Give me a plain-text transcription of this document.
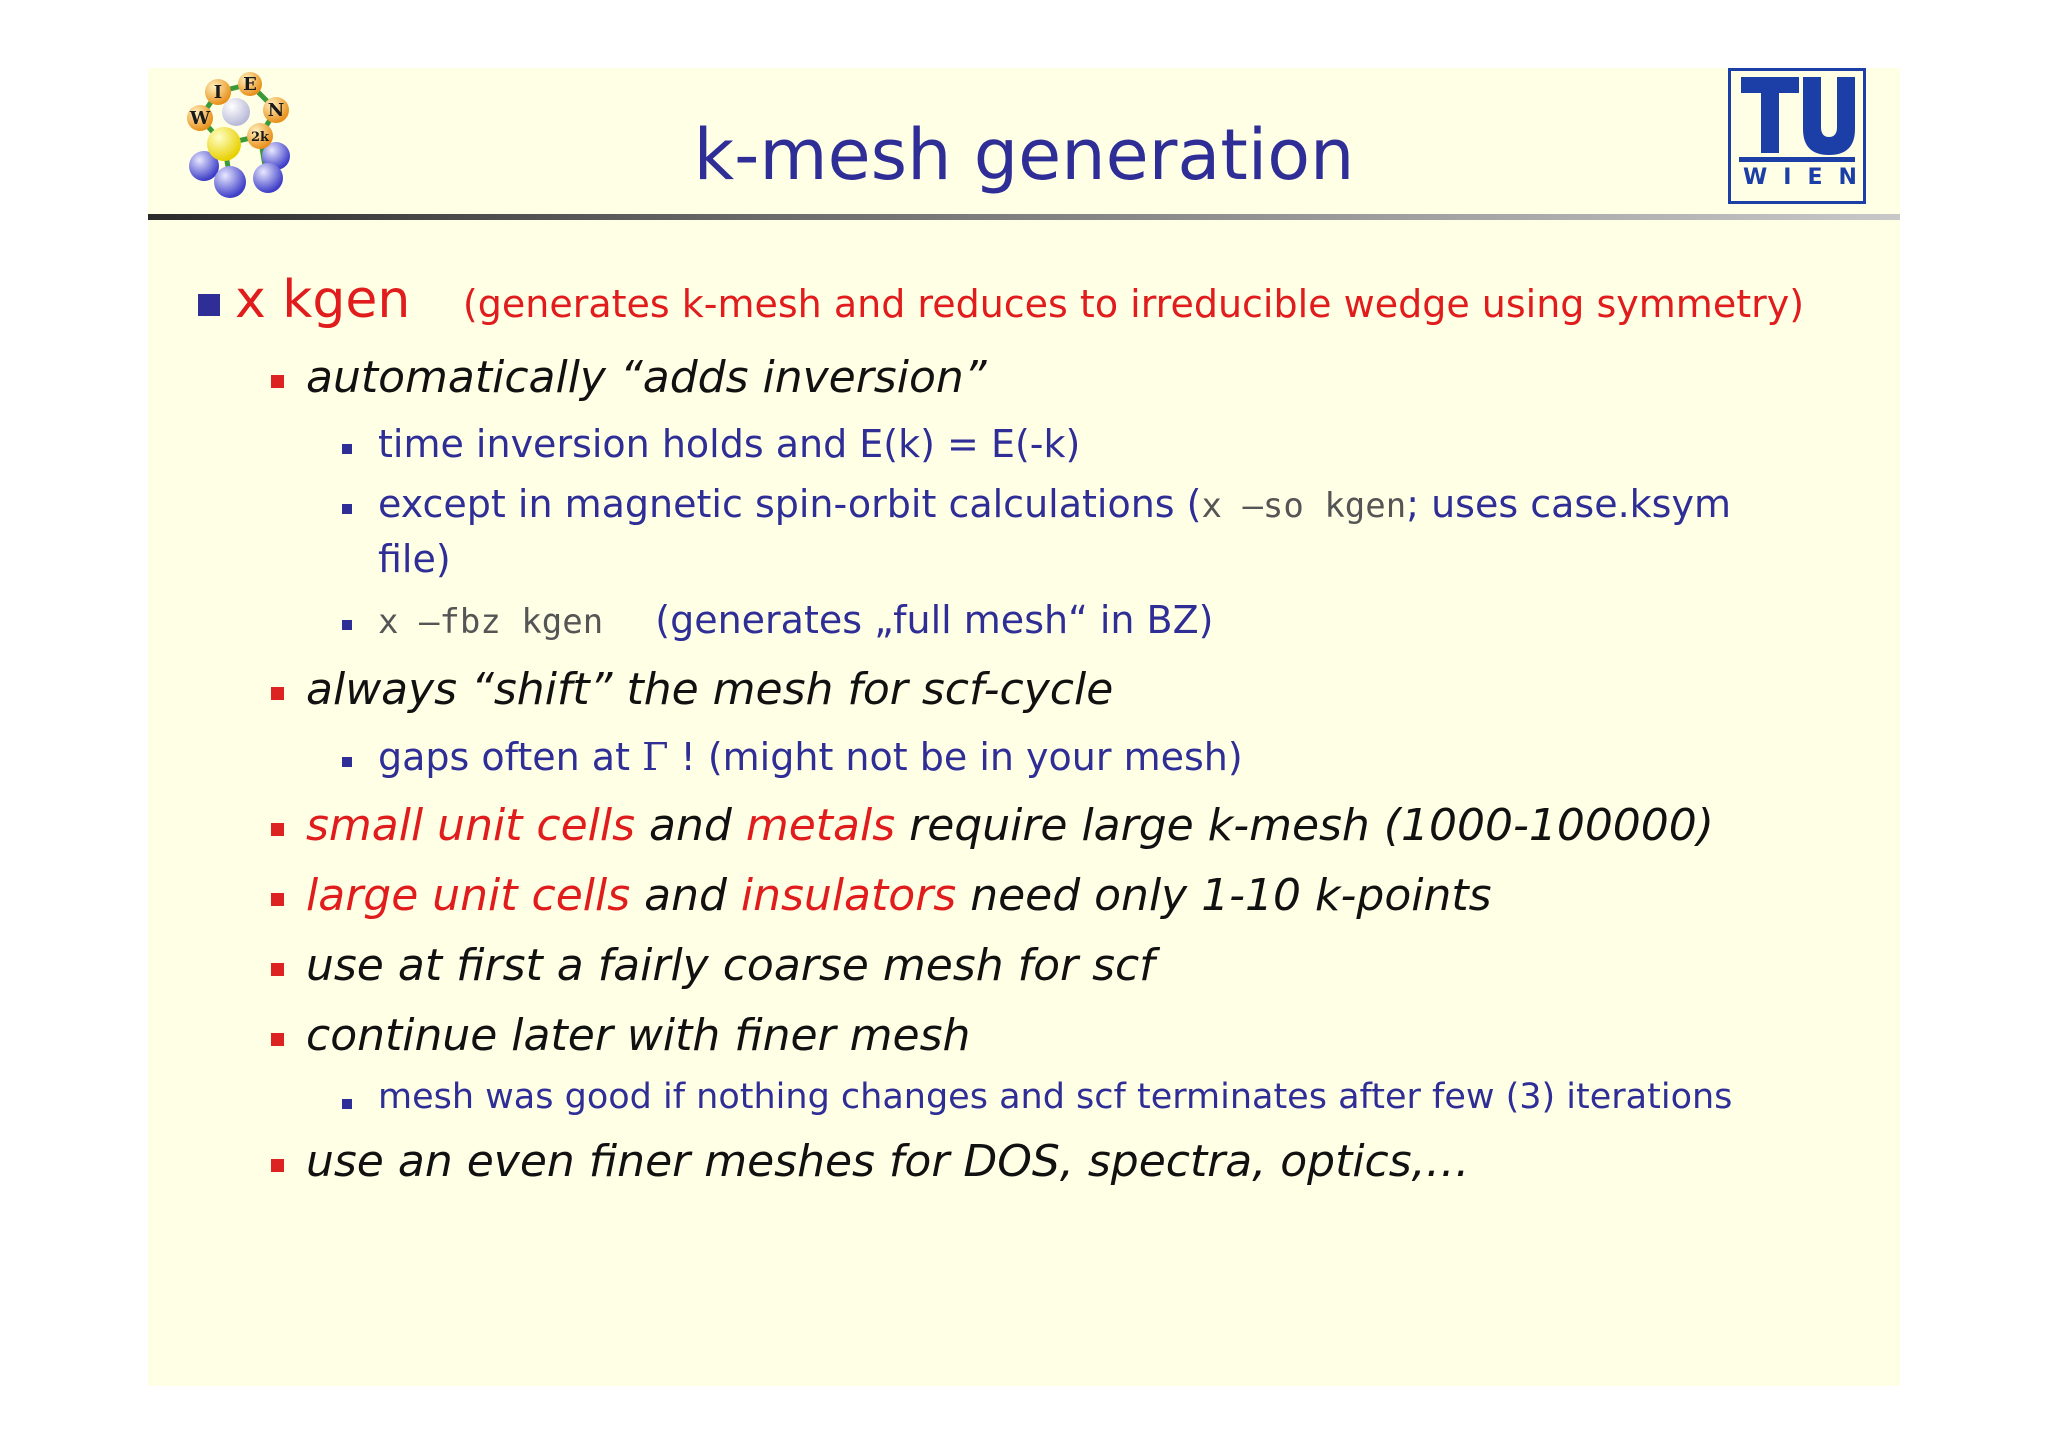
I E
N
W
2k	k-mesh generation	WIEN
x kgen (generates k-mesh and reduces to irreducible wedge using symmetry)
automatically “adds inversion”
time inversion holds and E(k) = E(-k)
except in magnetic spin-orbit calculations (x –so kgen; uses case.ksym
file)
x –fbz kgen (generates „full mesh“ in BZ)
always “shift” the mesh for scf-cycle
gaps often at Γ ! (might not be in your mesh)
small unit cells and metals require large k-mesh (1000-100000)
large unit cells and insulators need only 1-10 k-points
use at first a fairly coarse mesh for scf
continue later with finer mesh
mesh was good if nothing changes and scf terminates after few (3) iterations
use an even finer meshes for DOS, spectra, optics,…
